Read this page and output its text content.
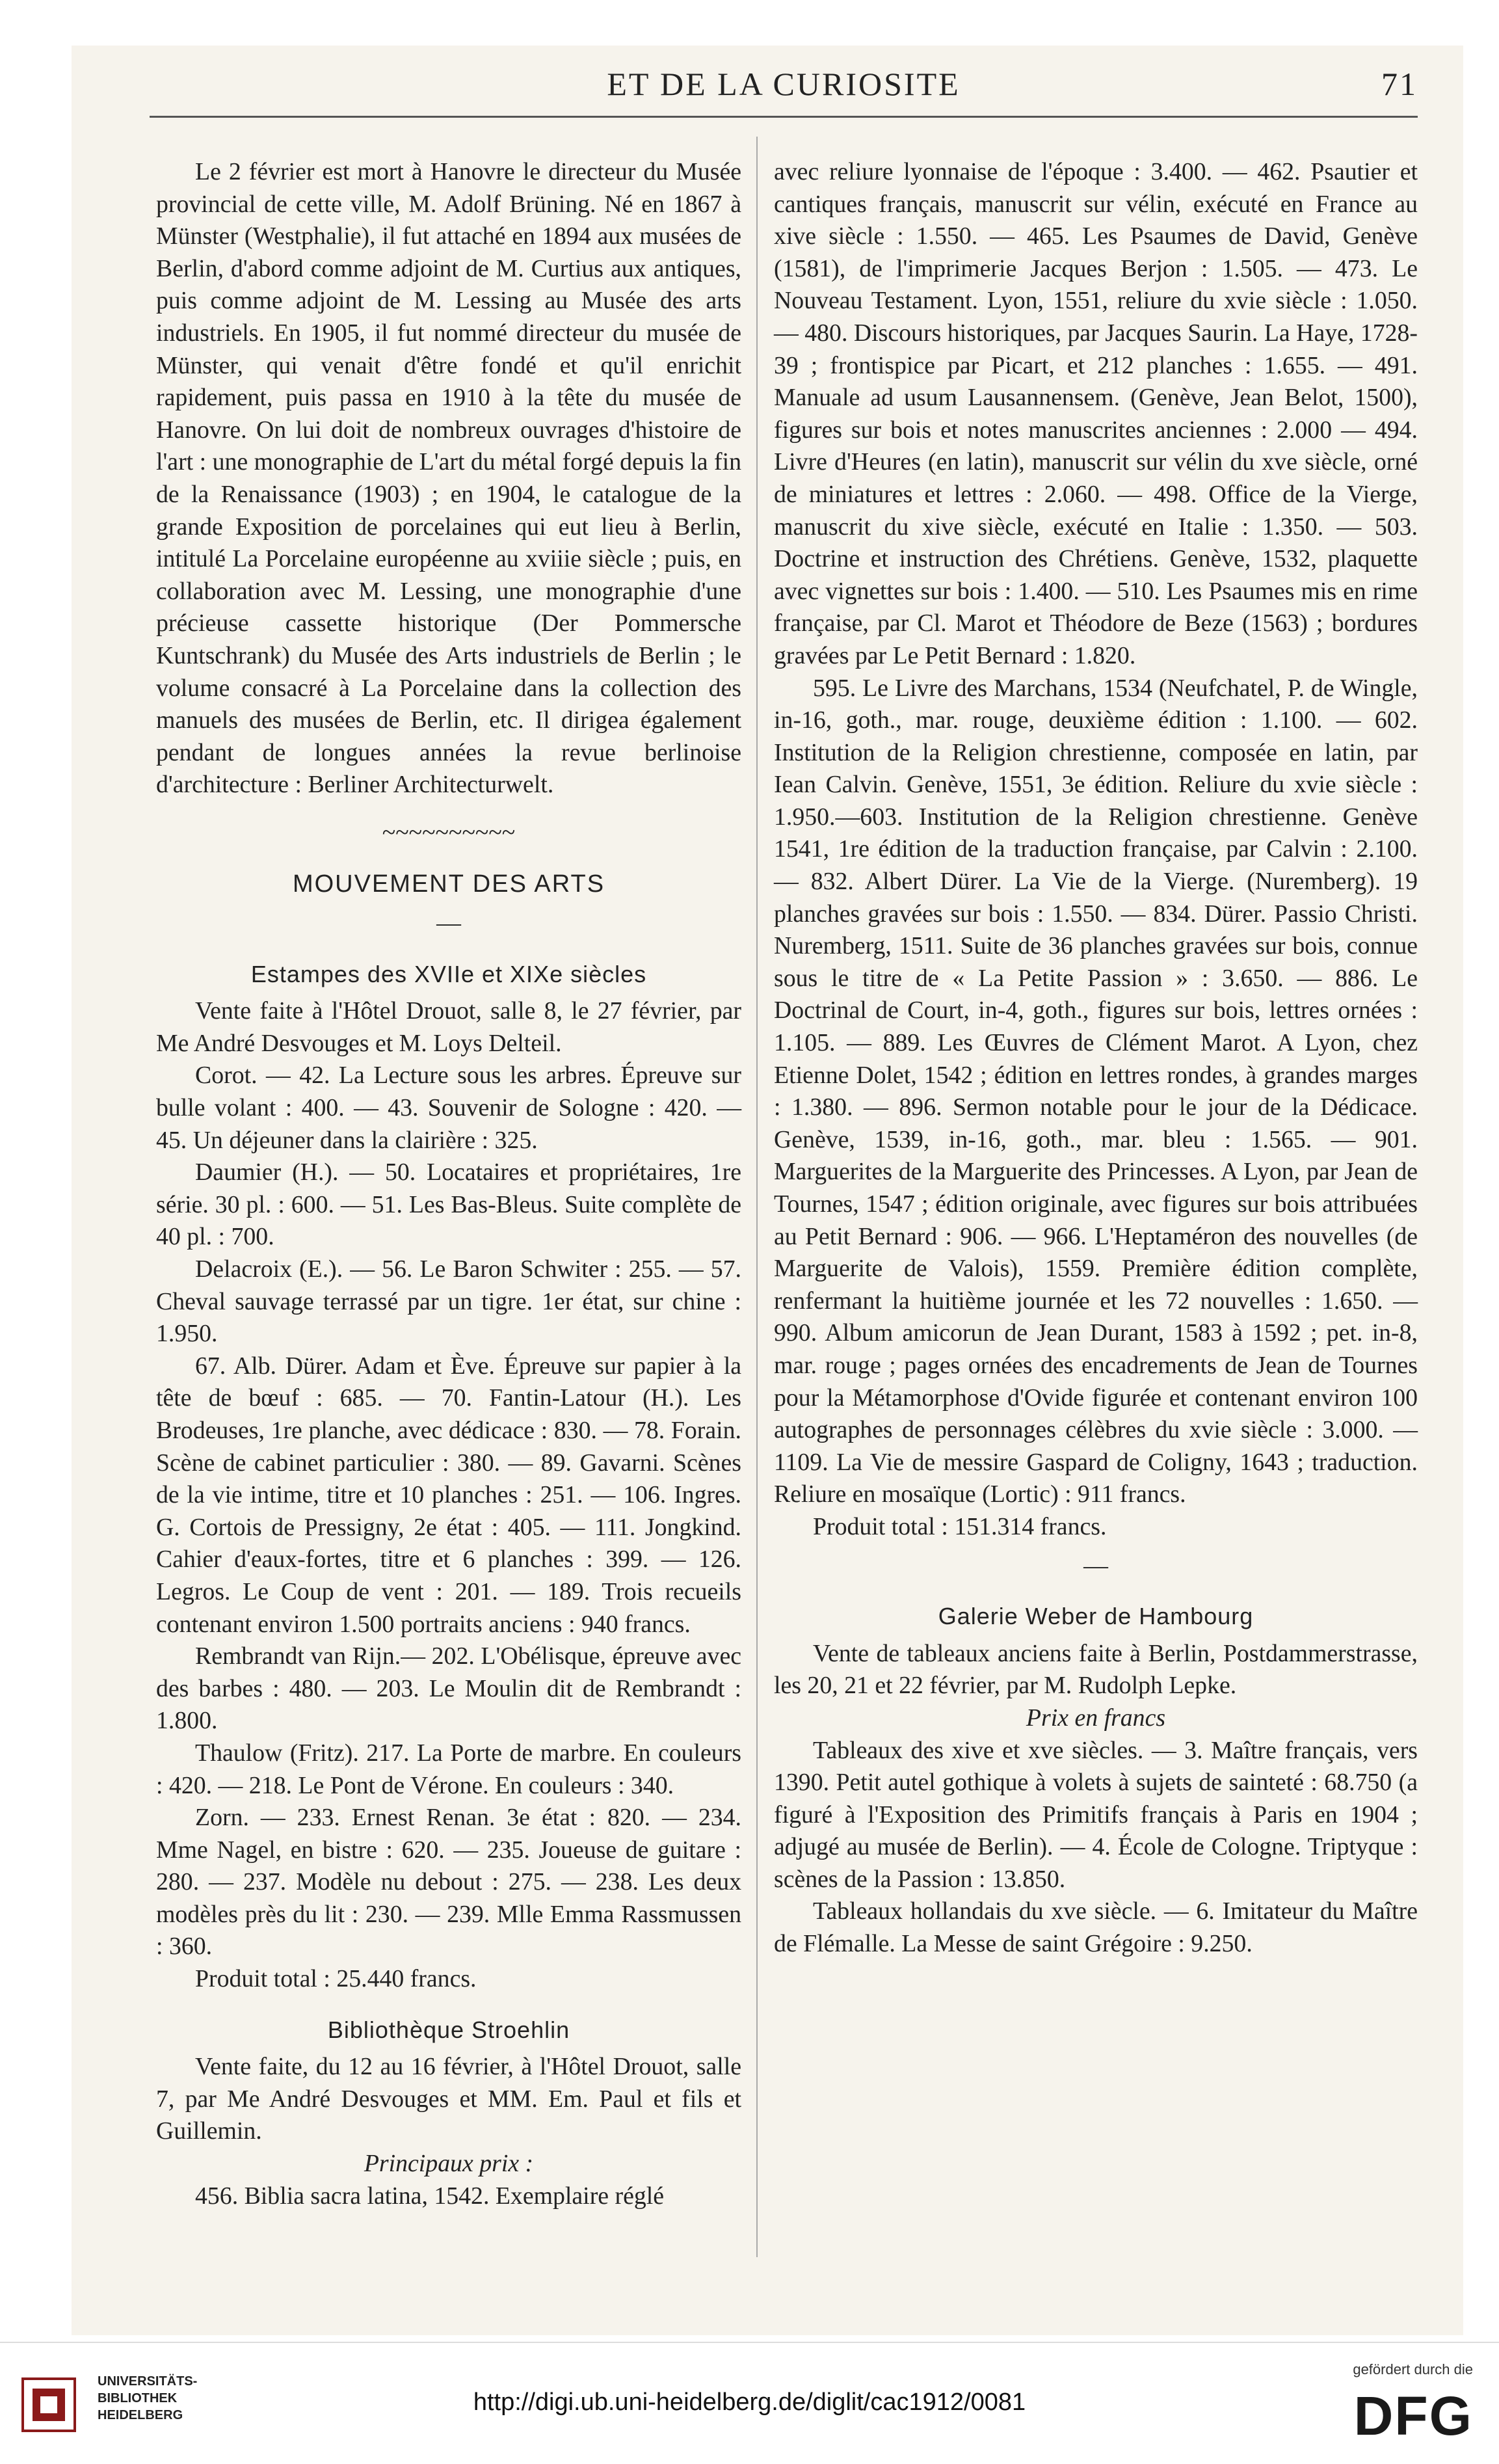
ET DE LA CURIOSITE	71

Le 2 février est mort à Hanovre le directeur du Musée provincial de cette ville, M. Adolf Brüning. Né en 1867 à Münster (Westphalie), il fut attaché en 1894 aux musées de Berlin, d'abord comme adjoint de M. Curtius aux antiques, puis comme adjoint de M. Lessing au Musée des arts industriels. En 1905, il fut nommé directeur du musée de Münster, qui venait d'être fondé et qu'il enrichit rapidement, puis passa en 1910 à la tête du musée de Hanovre. On lui doit de nombreux ouvrages d'histoire de l'art : une monographie de L'art du métal forgé depuis la fin de la Renaissance (1903) ; en 1904, le catalogue de la grande Exposition de porcelaines qui eut lieu à Berlin, intitulé La Porcelaine européenne au xviiie siècle ; puis, en collaboration avec M. Lessing, une monographie d'une précieuse cassette historique (Der Pommersche Kuntschrank) du Musée des Arts industriels de Berlin ; le volume consacré à La Porcelaine dans la collection des manuels des musées de Berlin, etc. Il dirigea également pendant de longues années la revue berlinoise d'architecture : Berliner Architecturwelt.

~~~~~~~~~~

MOUVEMENT DES ARTS

—

Estampes des XVIIe et XIXe siècles

Vente faite à l'Hôtel Drouot, salle 8, le 27 février, par Me André Desvouges et M. Loys Delteil.

Corot. — 42. La Lecture sous les arbres. Épreuve sur bulle volant : 400. — 43. Souvenir de Sologne : 420. — 45. Un déjeuner dans la clairière : 325.

Daumier (H.). — 50. Locataires et propriétaires, 1re série. 30 pl. : 600. — 51. Les Bas-Bleus. Suite complète de 40 pl. : 700.

Delacroix (E.). — 56. Le Baron Schwiter : 255. — 57. Cheval sauvage terrassé par un tigre. 1er état, sur chine : 1.950.

67. Alb. Dürer. Adam et Ève. Épreuve sur papier à la tête de bœuf : 685. — 70. Fantin-Latour (H.). Les Brodeuses, 1re planche, avec dédicace : 830. — 78. Forain. Scène de cabinet particulier : 380. — 89. Gavarni. Scènes de la vie intime, titre et 10 planches : 251. — 106. Ingres. G. Cortois de Pressigny, 2e état : 405. — 111. Jongkind. Cahier d'eaux-fortes, titre et 6 planches : 399. — 126. Legros. Le Coup de vent : 201. — 189. Trois recueils contenant environ 1.500 portraits anciens : 940 francs.

Rembrandt van Rijn.— 202. L'Obélisque, épreuve avec des barbes : 480. — 203. Le Moulin dit de Rembrandt : 1.800.

Thaulow (Fritz). 217. La Porte de marbre. En couleurs : 420. — 218. Le Pont de Vérone. En couleurs : 340.

Zorn. — 233. Ernest Renan. 3e état : 820. — 234. Mme Nagel, en bistre : 620. — 235. Joueuse de guitare : 280. — 237. Modèle nu debout : 275. — 238. Les deux modèles près du lit : 230. — 239. Mlle Emma Rassmussen : 360.

Produit total : 25.440 francs.

Bibliothèque Stroehlin

Vente faite, du 12 au 16 février, à l'Hôtel Drouot, salle 7, par Me André Desvouges et MM. Em. Paul et fils et Guillemin.

Principaux prix :

456. Biblia sacra latina, 1542. Exemplaire réglé

avec reliure lyonnaise de l'époque : 3.400. — 462. Psautier et cantiques français, manuscrit sur vélin, exécuté en France au xive siècle : 1.550. — 465. Les Psaumes de David, Genève (1581), de l'imprimerie Jacques Berjon : 1.505. — 473. Le Nouveau Testament. Lyon, 1551, reliure du xvie siècle : 1.050. — 480. Discours historiques, par Jacques Saurin. La Haye, 1728-39 ; frontispice par Picart, et 212 planches : 1.655. — 491. Manuale ad usum Lausannensem. (Genève, Jean Belot, 1500), figures sur bois et notes manuscrites anciennes : 2.000 — 494. Livre d'Heures (en latin), manuscrit sur vélin du xve siècle, orné de miniatures et lettres : 2.060. — 498. Office de la Vierge, manuscrit du xive siècle, exécuté en Italie : 1.350. — 503. Doctrine et instruction des Chrétiens. Genève, 1532, plaquette avec vignettes sur bois : 1.400. — 510. Les Psaumes mis en rime française, par Cl. Marot et Théodore de Beze (1563) ; bordures gravées par Le Petit Bernard : 1.820.

595. Le Livre des Marchans, 1534 (Neufchatel, P. de Wingle, in-16, goth., mar. rouge, deuxième édition : 1.100. — 602. Institution de la Religion chrestienne, composée en latin, par Iean Calvin. Genève, 1551, 3e édition. Reliure du xvie siècle : 1.950.—603. Institution de la Religion chrestienne. Genève 1541, 1re édition de la traduction française, par Calvin : 2.100. — 832. Albert Dürer. La Vie de la Vierge. (Nuremberg). 19 planches gravées sur bois : 1.550. — 834. Dürer. Passio Christi. Nuremberg, 1511. Suite de 36 planches gravées sur bois, connue sous le titre de « La Petite Passion » : 3.650. — 886. Le Doctrinal de Court, in-4, goth., figures sur bois, lettres ornées : 1.105. — 889. Les Œuvres de Clément Marot. A Lyon, chez Etienne Dolet, 1542 ; édition en lettres rondes, à grandes marges : 1.380. — 896. Sermon notable pour le jour de la Dédicace. Genève, 1539, in-16, goth., mar. bleu : 1.565. — 901. Marguerites de la Marguerite des Princesses. A Lyon, par Jean de Tournes, 1547 ; édition originale, avec figures sur bois attribuées au Petit Bernard : 906. — 966. L'Heptaméron des nouvelles (de Marguerite de Valois), 1559. Première édition complète, renfermant la huitième journée et les 72 nouvelles : 1.650. — 990. Album amicorun de Jean Durant, 1583 à 1592 ; pet. in-8, mar. rouge ; pages ornées des encadrements de Jean de Tournes pour la Métamorphose d'Ovide figurée et contenant environ 100 autographes de personnages célèbres du xvie siècle : 3.000. — 1109. La Vie de messire Gaspard de Coligny, 1643 ; traduction. Reliure en mosaïque (Lortic) : 911 francs.

Produit total : 151.314 francs.

—

Galerie Weber de Hambourg

Vente de tableaux anciens faite à Berlin, Postdammerstrasse, les 20, 21 et 22 février, par M. Rudolph Lepke.

Prix en francs

Tableaux des xive et xve siècles. — 3. Maître français, vers 1390. Petit autel gothique à volets à sujets de sainteté : 68.750 (a figuré à l'Exposition des Primitifs français à Paris en 1904 ; adjugé au musée de Berlin). — 4. École de Cologne. Triptyque : scènes de la Passion : 13.850.

Tableaux hollandais du xve siècle. — 6. Imitateur du Maître de Flémalle. La Messe de saint Grégoire : 9.250.

UNIVERSITÄTS-
BIBLIOTHEK
HEIDELBERG	http://digi.ub.uni-heidelberg.de/diglit/cac1912/0081
gefördert durch die
DFG
